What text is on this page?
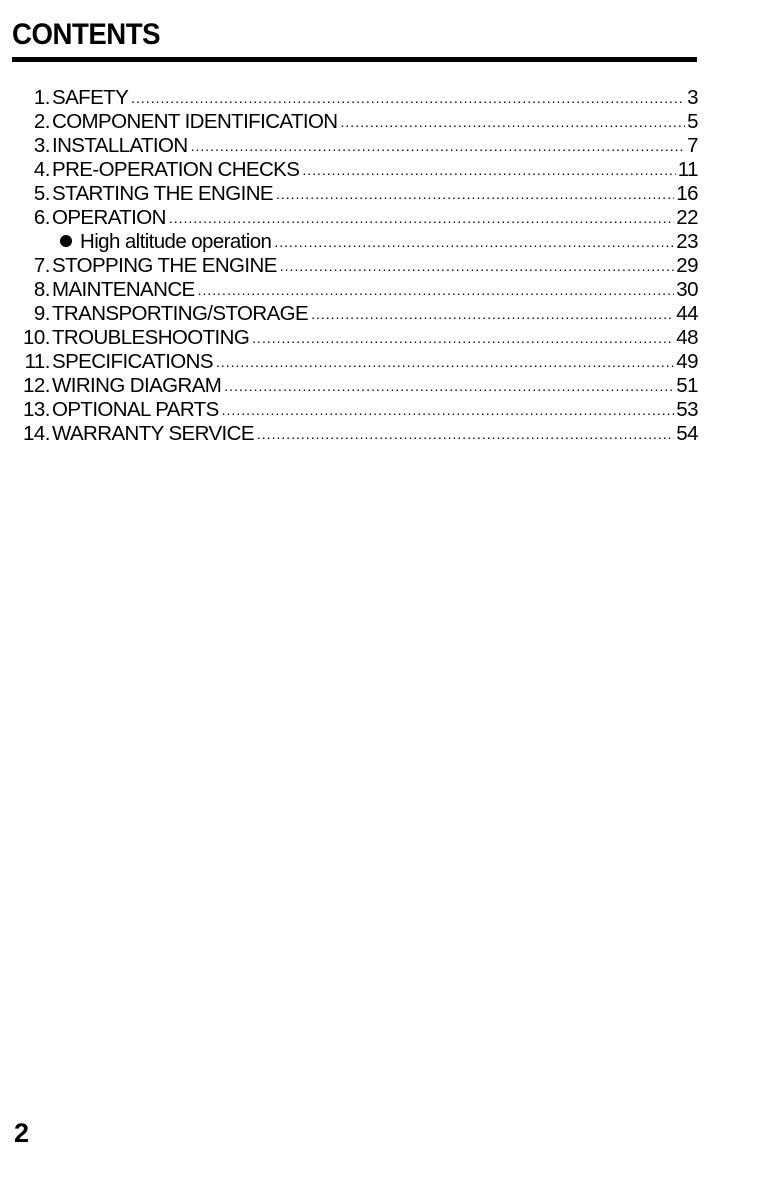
CONTENTS
1. SAFETY .....	3
2. COMPONENT IDENTIFICATION .....	5
3. INSTALLATION .....	7
4. PRE-OPERATION CHECKS .....	11
5. STARTING THE ENGINE .....	16
6. OPERATION .....	22
High altitude operation .....	23
7. STOPPING THE ENGINE .....	29
8. MAINTENANCE .....	30
9. TRANSPORTING/STORAGE .....	44
10. TROUBLESHOOTING .....	48
11. SPECIFICATIONS .....	49
12. WIRING DIAGRAM .....	51
13. OPTIONAL PARTS .....	53
14. WARRANTY SERVICE .....	54
2
